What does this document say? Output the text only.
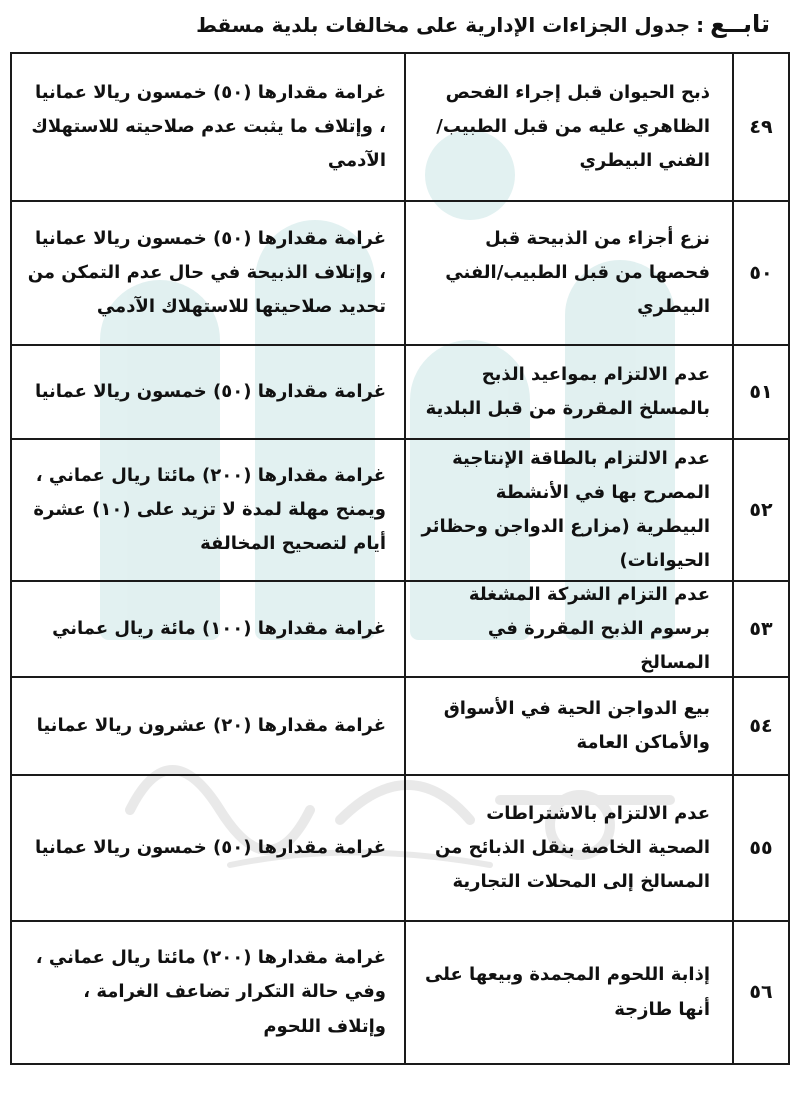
تابــع:جدول الجزاءات الإدارية على مخالفات بلدية مسقط
٤٩
ذبح الحيوان قبل إجراء الفحص الظاهري عليه من قبل الطبيب/الفني البيطري
غرامة مقدارها (٥٠) خمسون ريالا عمانيا ، وإتلاف ما يثبت عدم صلاحيته للاستهلاك الآدمي
٥٠
نزع أجزاء من الذبيحة قبل فحصها من قبل الطبيب/الفني البيطري
غرامة مقدارها (٥٠) خمسون ريالا عمانيا ، وإتلاف الذبيحة في حال عدم التمكن من تحديد صلاحيتها للاستهلاك الآدمي
٥١
عدم الالتزام بمواعيد الذبح بالمسلخ المقررة من قبل البلدية
غرامة مقدارها (٥٠) خمسون ريالا عمانيا
٥٢
عدم الالتزام بالطاقة الإنتاجية المصرح بها في الأنشطة البيطرية (مزارع الدواجن وحظائر الحيوانات)
غرامة مقدارها (٢٠٠) مائتا ريال عماني ، ويمنح مهلة لمدة لا تزيد على (١٠) عشرة أيام لتصحيح المخالفة
٥٣
عدم التزام الشركة المشغلة برسوم الذبح المقررة في المسالخ
غرامة مقدارها (١٠٠) مائة ريال عماني
٥٤
بيع الدواجن الحية في الأسواق والأماكن العامة
غرامة مقدارها (٢٠) عشرون ريالا عمانيا
٥٥
عدم الالتزام بالاشتراطات الصحية الخاصة بنقل الذبائح من المسالخ إلى المحلات التجارية
غرامة مقدارها (٥٠) خمسون ريالا عمانيا
٥٦
إذابة اللحوم المجمدة وبيعها على أنها طازجة
غرامة مقدارها (٢٠٠) مائتا ريال عماني ، وفي حالة التكرار تضاعف الغرامة ، وإتلاف اللحوم
